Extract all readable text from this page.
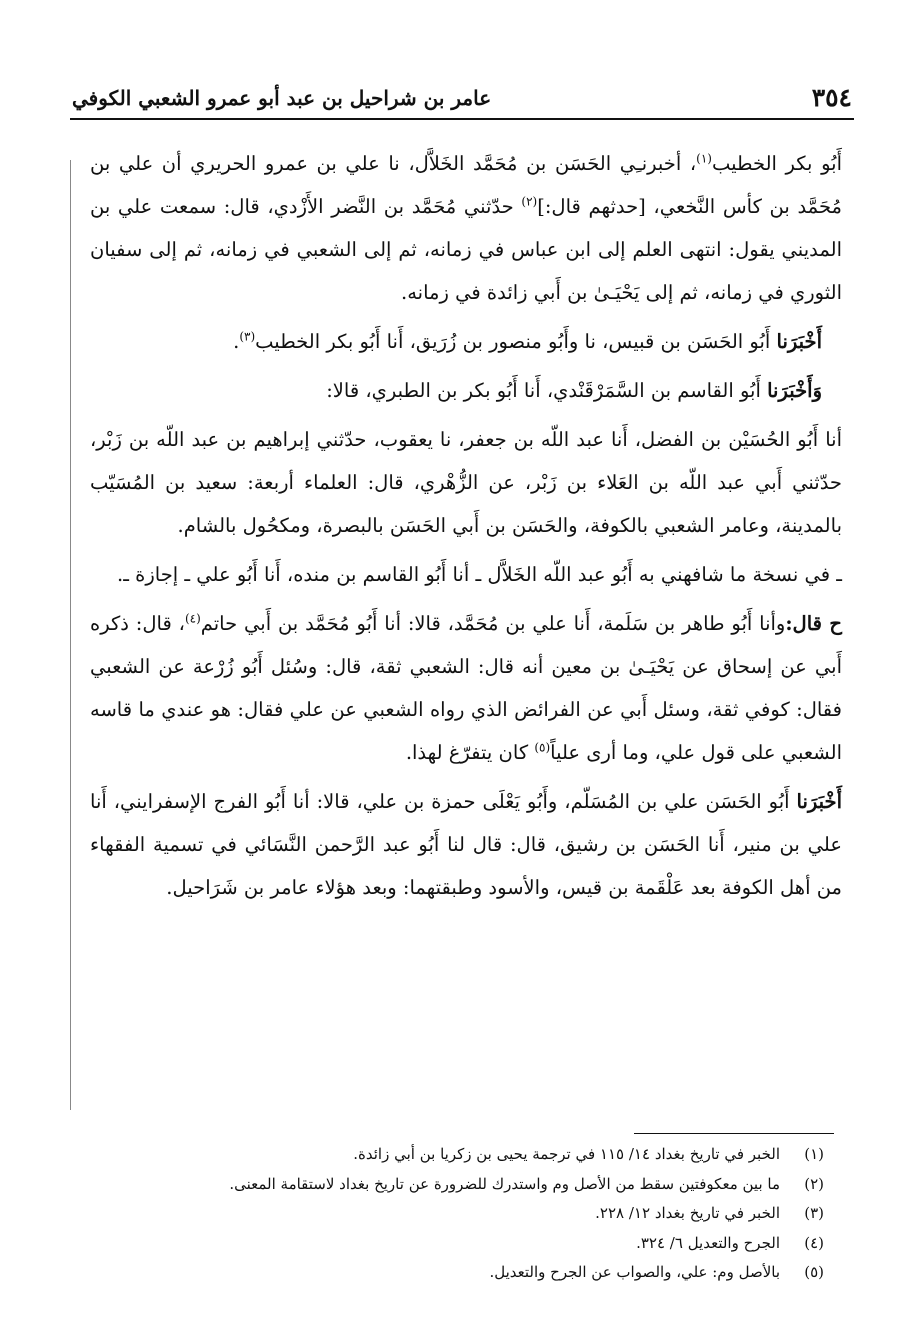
٣٥٤
عامر بن شراحيل بن عبد أبو عمرو الشعبي الكوفي

أَبُو بكر الخطيب$^{(١)}$، أخبرنـِي الحَسَن بن مُحَمَّد الخَلاَّل، نا علي بن عمرو الحريري أن علي بن مُحَمَّد بن كأس النَّخعي، [حدثهم قال:]$^{(٢)}$ حدّثني مُحَمَّد بن النَّضر الأَزْدي، قال: سمعت علي بن المديني يقول: انتهى العلم إلى ابن عباس في زمانه، ثم إلى الشعبي في زمانه، ثم إلى سفيان الثوري في زمانه، ثم إلى يَحْيَـىٰ بن أَبي زائدة في زمانه.

أَخْبَرَنا أَبُو الحَسَن بن قبيس، نا وأَبُو منصور بن زُرَيق، أَنا أَبُو بكر الخطيب$^{(٣)}$.

وَأَخْبَرَنا أَبُو القاسم بن السَّمَرْقَنْدي، أَنا أَبُو بكر بن الطبري، قالا:

أنا أَبُو الحُسَيْن بن الفضل، أَنا عبد اللّه بن جعفر، نا يعقوب، حدّثني إبراهيم بن عبد اللّه بن زَبْر، حدّثني أَبي عبد اللّه بن العَلاء بن زَبْر، عن الزُّهْري، قال: العلماء أربعة: سعيد بن المُسَيّب بالمدينة، وعامر الشعبي بالكوفة، والحَسَن بن أَبي الحَسَن بالبصرة، ومكحُول بالشام.

ـ في نسخة ما شافهني به أَبُو عبد اللّه الخَلاَّل ـ أنا أَبُو القاسم بن منده، أَنا أَبُو علي ـ إجازة ـ.

ح قال:وأنا أَبُو طاهر بن سَلَمة، أَنا علي بن مُحَمَّد، قالا: أنا أَبُو مُحَمَّد بن أَبي حاتم$^{(٤)}$، قال: ذكره أَبي عن إسحاق عن يَحْيَـىٰ بن معين أنه قال: الشعبي ثقة، قال: وسُئل أَبُو زُرْعة عن الشعبي فقال: كوفي ثقة، وسئل أَبي عن الفرائض الذي رواه الشعبي عن علي فقال: هو عندي ما قاسه الشعبي على قول علي، وما أرى علياً$^{(٥)}$ كان يتفرّغ لهذا.

أَخْبَرَنا أَبُو الحَسَن علي بن المُسَلّم، وأَبُو يَعْلَى حمزة بن علي، قالا: أنا أَبُو الفرج الإسفرايني، أَنا علي بن منير، أَنا الحَسَن بن رشيق، قال: قال لنا أَبُو عبد الرَّحمن النَّسَائي في تسمية الفقهاء من أهل الكوفة بعد عَلْقَمة بن قيس، والأسود وطبقتهما: وبعد هؤلاء عامر بن شَرَاحيل.

(١)
الخبر في تاريخ بغداد ١٤/ ١١٥ في ترجمة يحيى بن زكريا بن أبي زائدة.
(٢)
ما بين معكوفتين سقط من الأصل وم واستدرك للضرورة عن تاريخ بغداد لاستقامة المعنى.
(٣)
الخبر في تاريخ بغداد ١٢/ ٢٢٨.
(٤)
الجرح والتعديل ٦/ ٣٢٤.
(٥)
بالأصل وم: علي، والصواب عن الجرح والتعديل.
